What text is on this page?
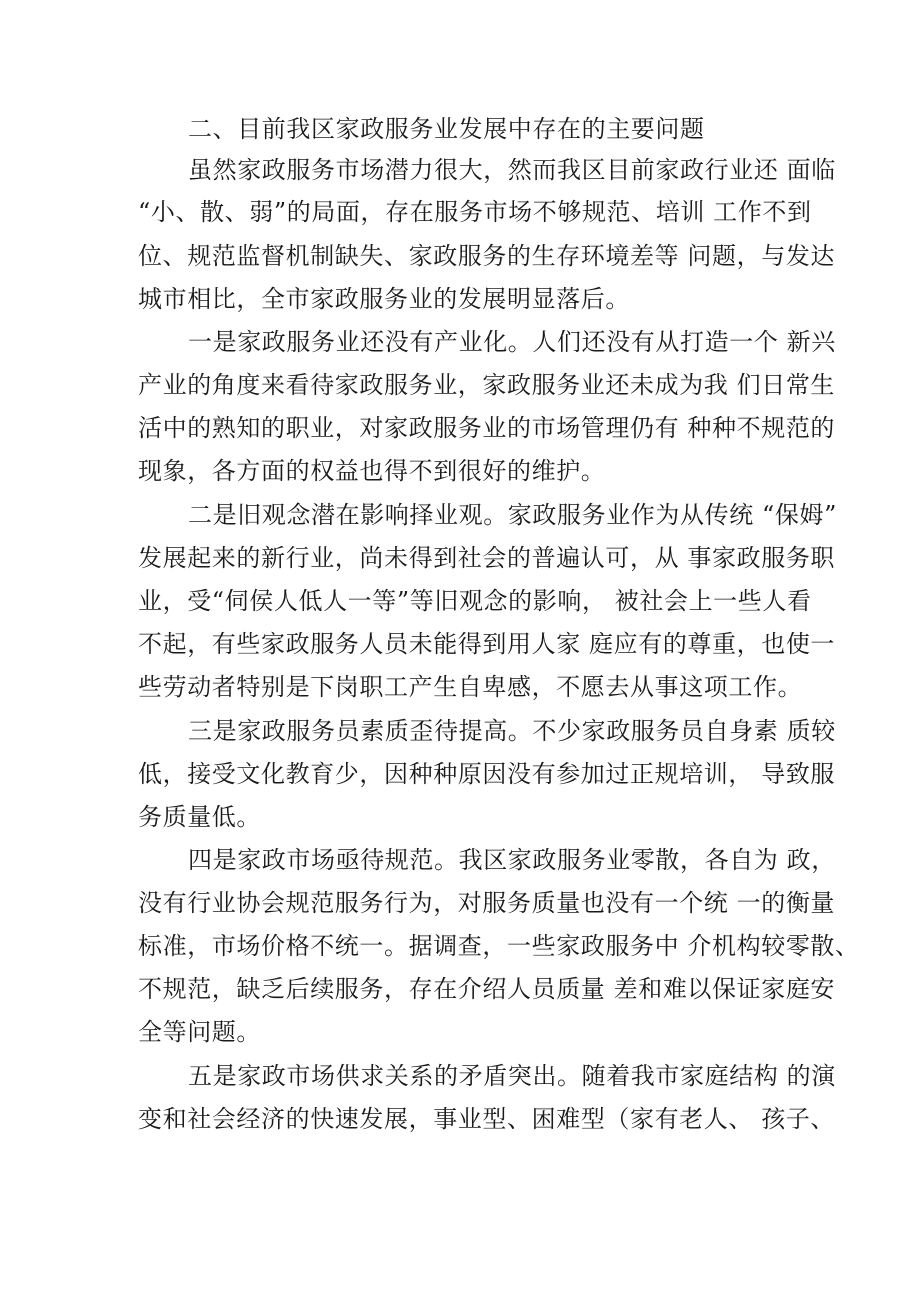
二、目前我区家政服务业发展中存在的主要问题
虽然家政服务市场潜力很大，然而我区目前家政行业还 面临
“小、散、弱”的局面，存在服务市场不够规范、培训 工作不到
位、规范监督机制缺失、家政服务的生存环境差等 问题，与发达
城市相比，全市家政服务业的发展明显落后。
一是家政服务业还没有产业化。人们还没有从打造一个 新兴
产业的角度来看待家政服务业，家政服务业还未成为我 们日常生
活中的熟知的职业，对家政服务业的市场管理仍有 种种不规范的
现象，各方面的权益也得不到很好的维护。
二是旧观念潜在影响择业观。家政服务业作为从传统 “保姆”
发展起来的新行业，尚未得到社会的普遍认可，从 事家政服务职
业，受“伺侯人低人一等”等旧观念的影响， 被社会上一些人看
不起，有些家政服务人员未能得到用人家 庭应有的尊重，也使一
些劳动者特别是下岗职工产生自卑感，不愿去从事这项工作。
三是家政服务员素质歪待提高。不少家政服务员自身素 质较
低，接受文化教育少，因种种原因没有参加过正规培训， 导致服
务质量低。
四是家政市场亟待规范。我区家政服务业零散，各自为 政，
没有行业协会规范服务行为，对服务质量也没有一个统 一的衡量
标准，市场价格不统一。据调查，一些家政服务中 介机构较零散、
不规范，缺乏后续服务，存在介绍人员质量 差和难以保证家庭安
全等问题。
五是家政市场供求关系的矛盾突出。随着我市家庭结构 的演
变和社会经济的快速发展，事业型、困难型（家有老人、 孩子、
